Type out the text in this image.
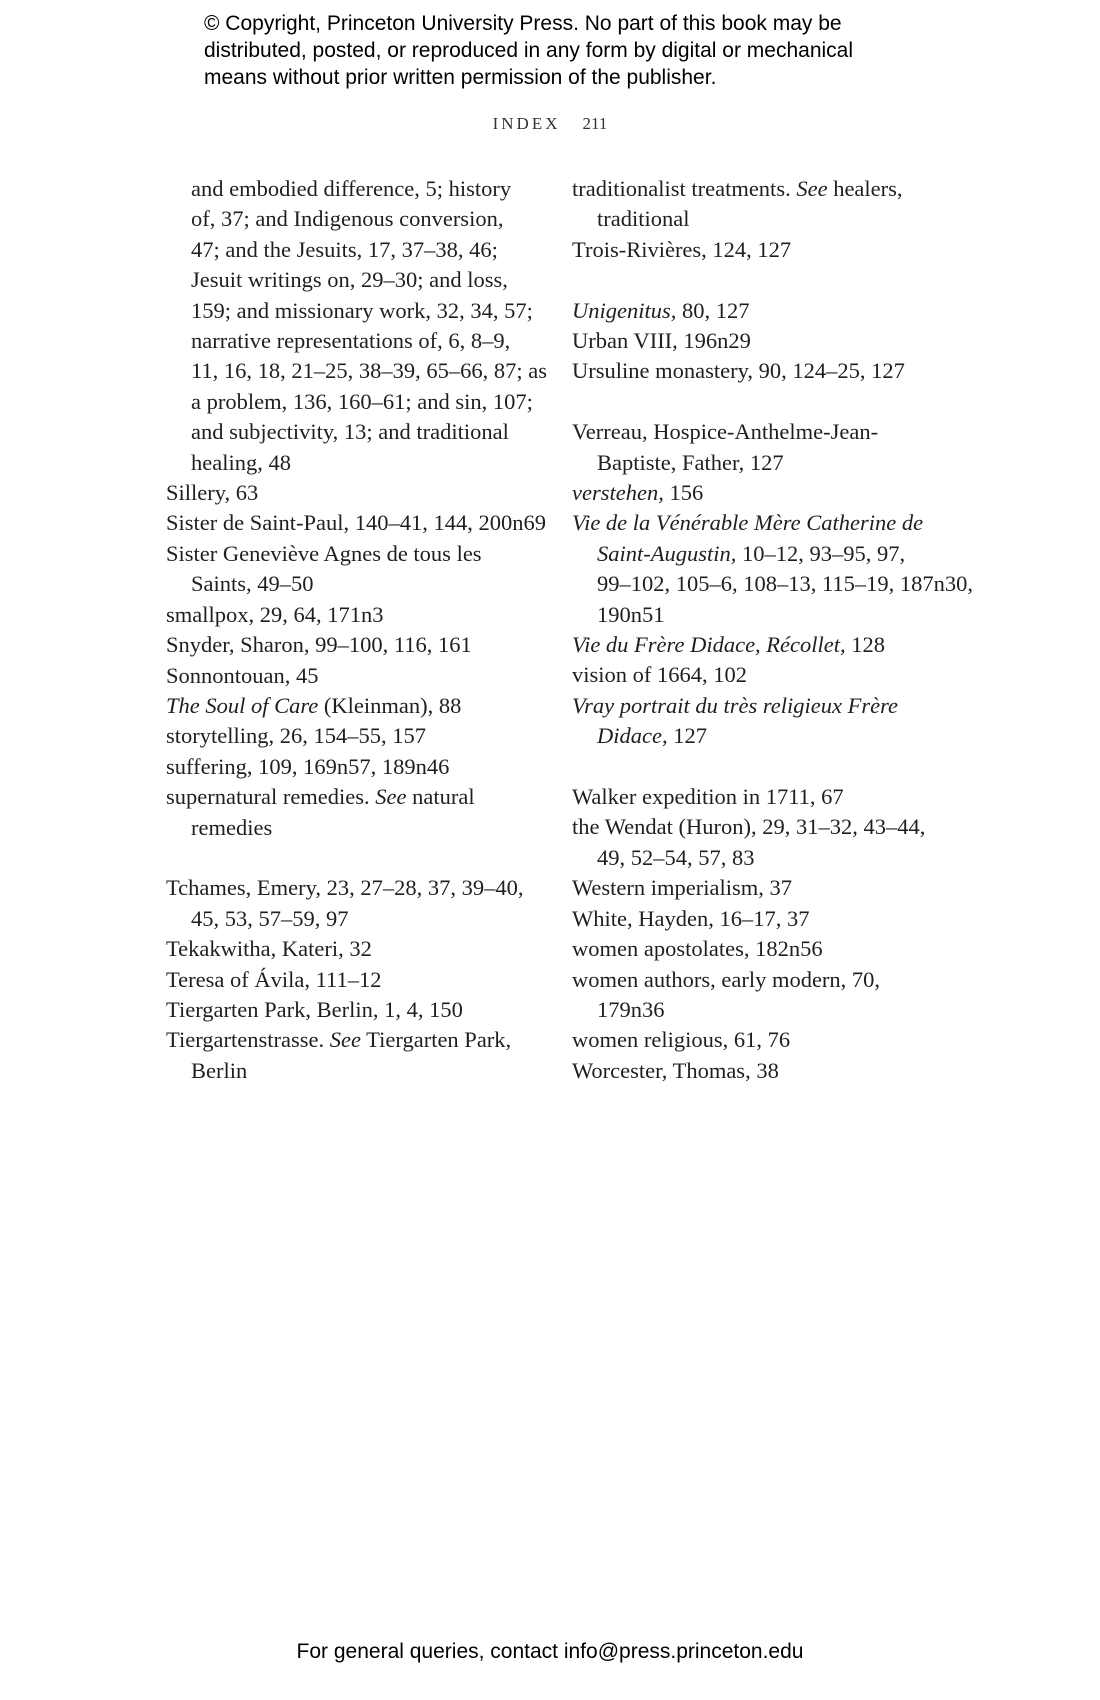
© Copyright, Princeton University Press. No part of this book may be
distributed, posted, or reproduced in any form by digital or mechanical
means without prior written permission of the publisher.
INDEX 211
and embodied difference, 5; history
of, 37; and Indigenous conversion,
47; and the Jesuits, 17, 37–38, 46;
Jesuit writings on, 29–30; and loss,
159; and missionary work, 32, 34, 57;
narrative representations of, 6, 8–9,
11, 16, 18, 21–25, 38–39, 65–66, 87; as
a problem, 136, 160–61; and sin, 107;
and subjectivity, 13; and traditional
healing, 48
Sillery, 63
Sister de Saint-Paul, 140–41, 144, 200n69
Sister Geneviève Agnes de tous les
Saints, 49–50
smallpox, 29, 64, 171n3
Snyder, Sharon, 99–100, 116, 161
Sonnontouan, 45
The Soul of Care (Kleinman), 88
storytelling, 26, 154–55, 157
suffering, 109, 169n57, 189n46
supernatural remedies. See natural
remedies
Tchames, Emery, 23, 27–28, 37, 39–40,
45, 53, 57–59, 97
Tekakwitha, Kateri, 32
Teresa of Ávila, 111–12
Tiergarten Park, Berlin, 1, 4, 150
Tiergartenstrasse. See Tiergarten Park,
Berlin
traditionalist treatments. See healers,
traditional
Trois-Rivières, 124, 127
Unigenitus, 80, 127
Urban VIII, 196n29
Ursuline monastery, 90, 124–25, 127
Verreau, Hospice-Anthelme-Jean-
Baptiste, Father, 127
verstehen, 156
Vie de la Vénérable Mère Catherine de
Saint-Augustin, 10–12, 93–95, 97,
99–102, 105–6, 108–13, 115–19, 187n30,
190n51
Vie du Frère Didace, Récollet, 128
vision of 1664, 102
Vray portrait du très religieux Frère
Didace, 127
Walker expedition in 1711, 67
the Wendat (Huron), 29, 31–32, 43–44,
49, 52–54, 57, 83
Western imperialism, 37
White, Hayden, 16–17, 37
women apostolates, 182n56
women authors, early modern, 70,
179n36
women religious, 61, 76
Worcester, Thomas, 38
For general queries, contact info@press.princeton.edu
